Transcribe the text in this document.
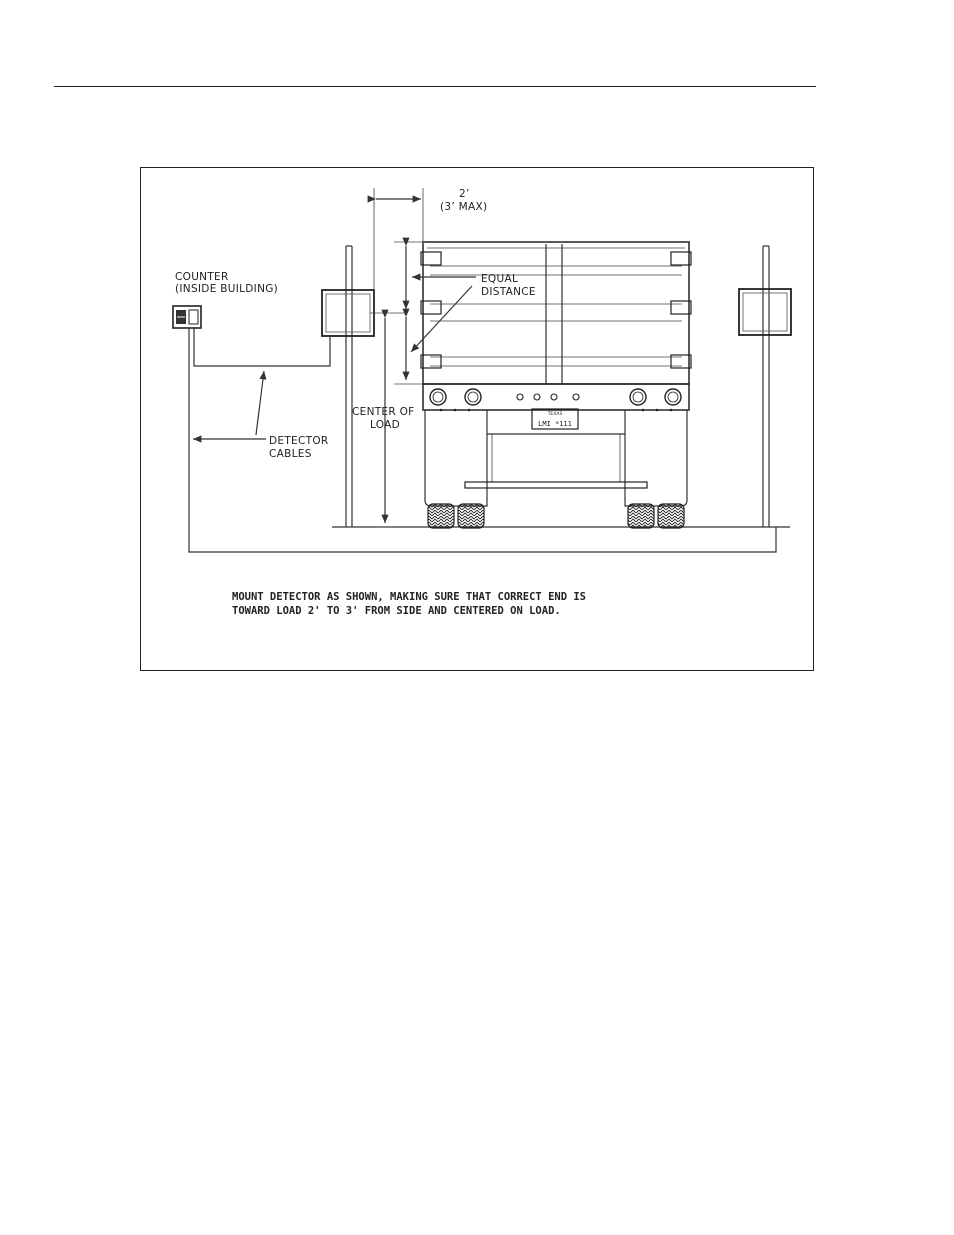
TEXAS
LMI *111
COUNTER
(INSIDE BUILDING)
2’
(3’ MAX)
EQUAL
DISTANCE
CENTER OF
LOAD
DETECTOR
CABLES
MOUNT DETECTOR AS SHOWN, MAKING SURE THAT CORRECT END IS
TOWARD LOAD 2' TO 3' FROM SIDE AND CENTERED ON LOAD.
